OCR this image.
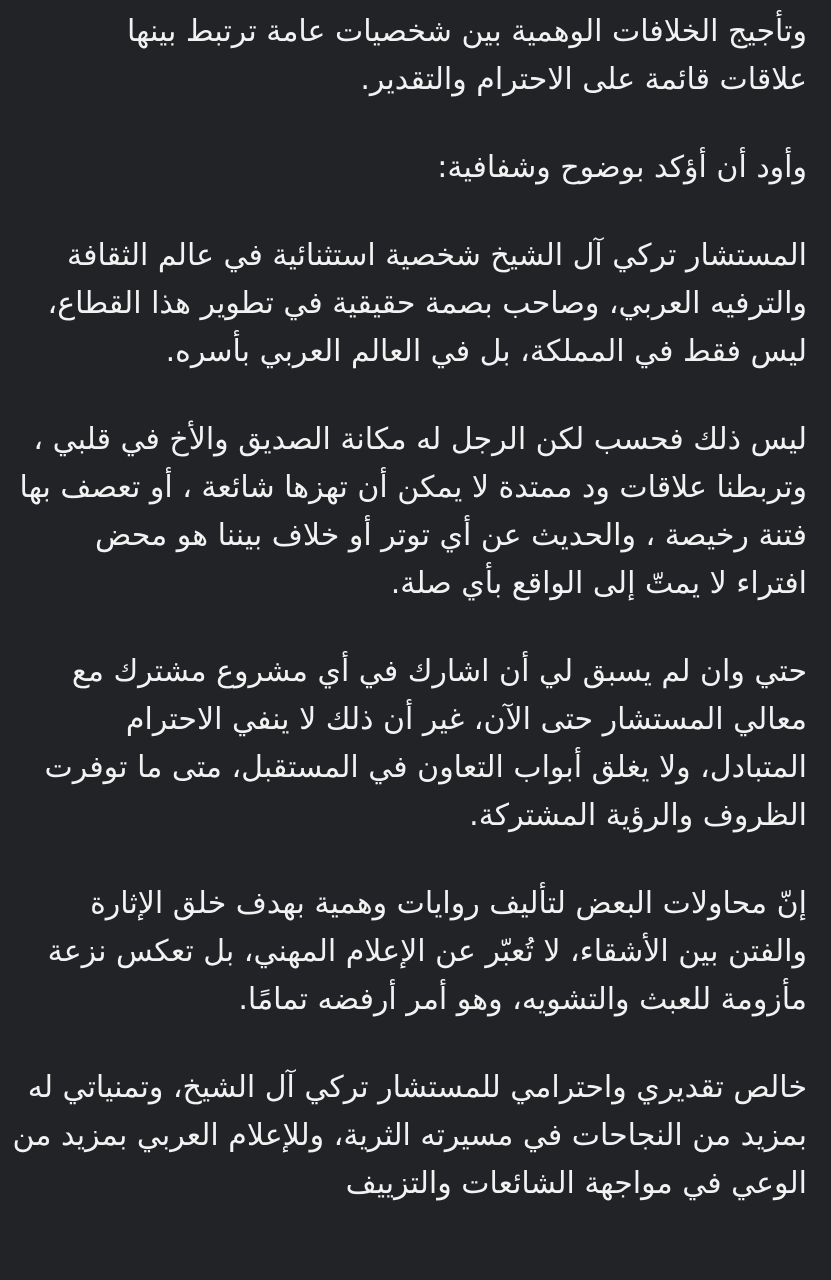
وتأجيج الخلافات الوهمية بين شخصيات عامة ترتبط بينها
علاقات قائمة على الاحترام والتقدير.
وأود أن أؤكد بوضوح وشفافية:
المستشار تركي آل الشيخ شخصية استثنائية في عالم الثقافة
والترفيه العربي، وصاحب بصمة حقيقية في تطوير هذا القطاع،
ليس فقط في المملكة، بل في العالم العربي بأسره.
ليس ذلك فحسب لكن الرجل له مكانة الصديق والأخ في قلبي ،
وتربطنا علاقات ود ممتدة لا يمكن أن تهزها شائعة ، أو تعصف بها
فتنة رخيصة ، والحديث عن أي توتر أو خلاف بيننا هو محض
افتراء لا يمتّ إلى الواقع بأي صلة.
حتي وان لم يسبق لي أن اشارك في أي مشروع مشترك مع
معالي المستشار حتى الآن، غير أن ذلك لا ينفي الاحترام
المتبادل، ولا يغلق أبواب التعاون في المستقبل، متى ما توفرت
الظروف والرؤية المشتركة.
إنّ محاولات البعض لتأليف روايات وهمية بهدف خلق الإثارة
والفتن بين الأشقاء، لا تُعبّر عن الإعلام المهني، بل تعكس نزعة
مأزومة للعبث والتشويه، وهو أمر أرفضه تمامًا.
خالص تقديري واحترامي للمستشار تركي آل الشيخ، وتمنياتي له
بمزيد من النجاحات في مسيرته الثرية، وللإعلام العربي بمزيد من
الوعي في مواجهة الشائعات والتزييف
